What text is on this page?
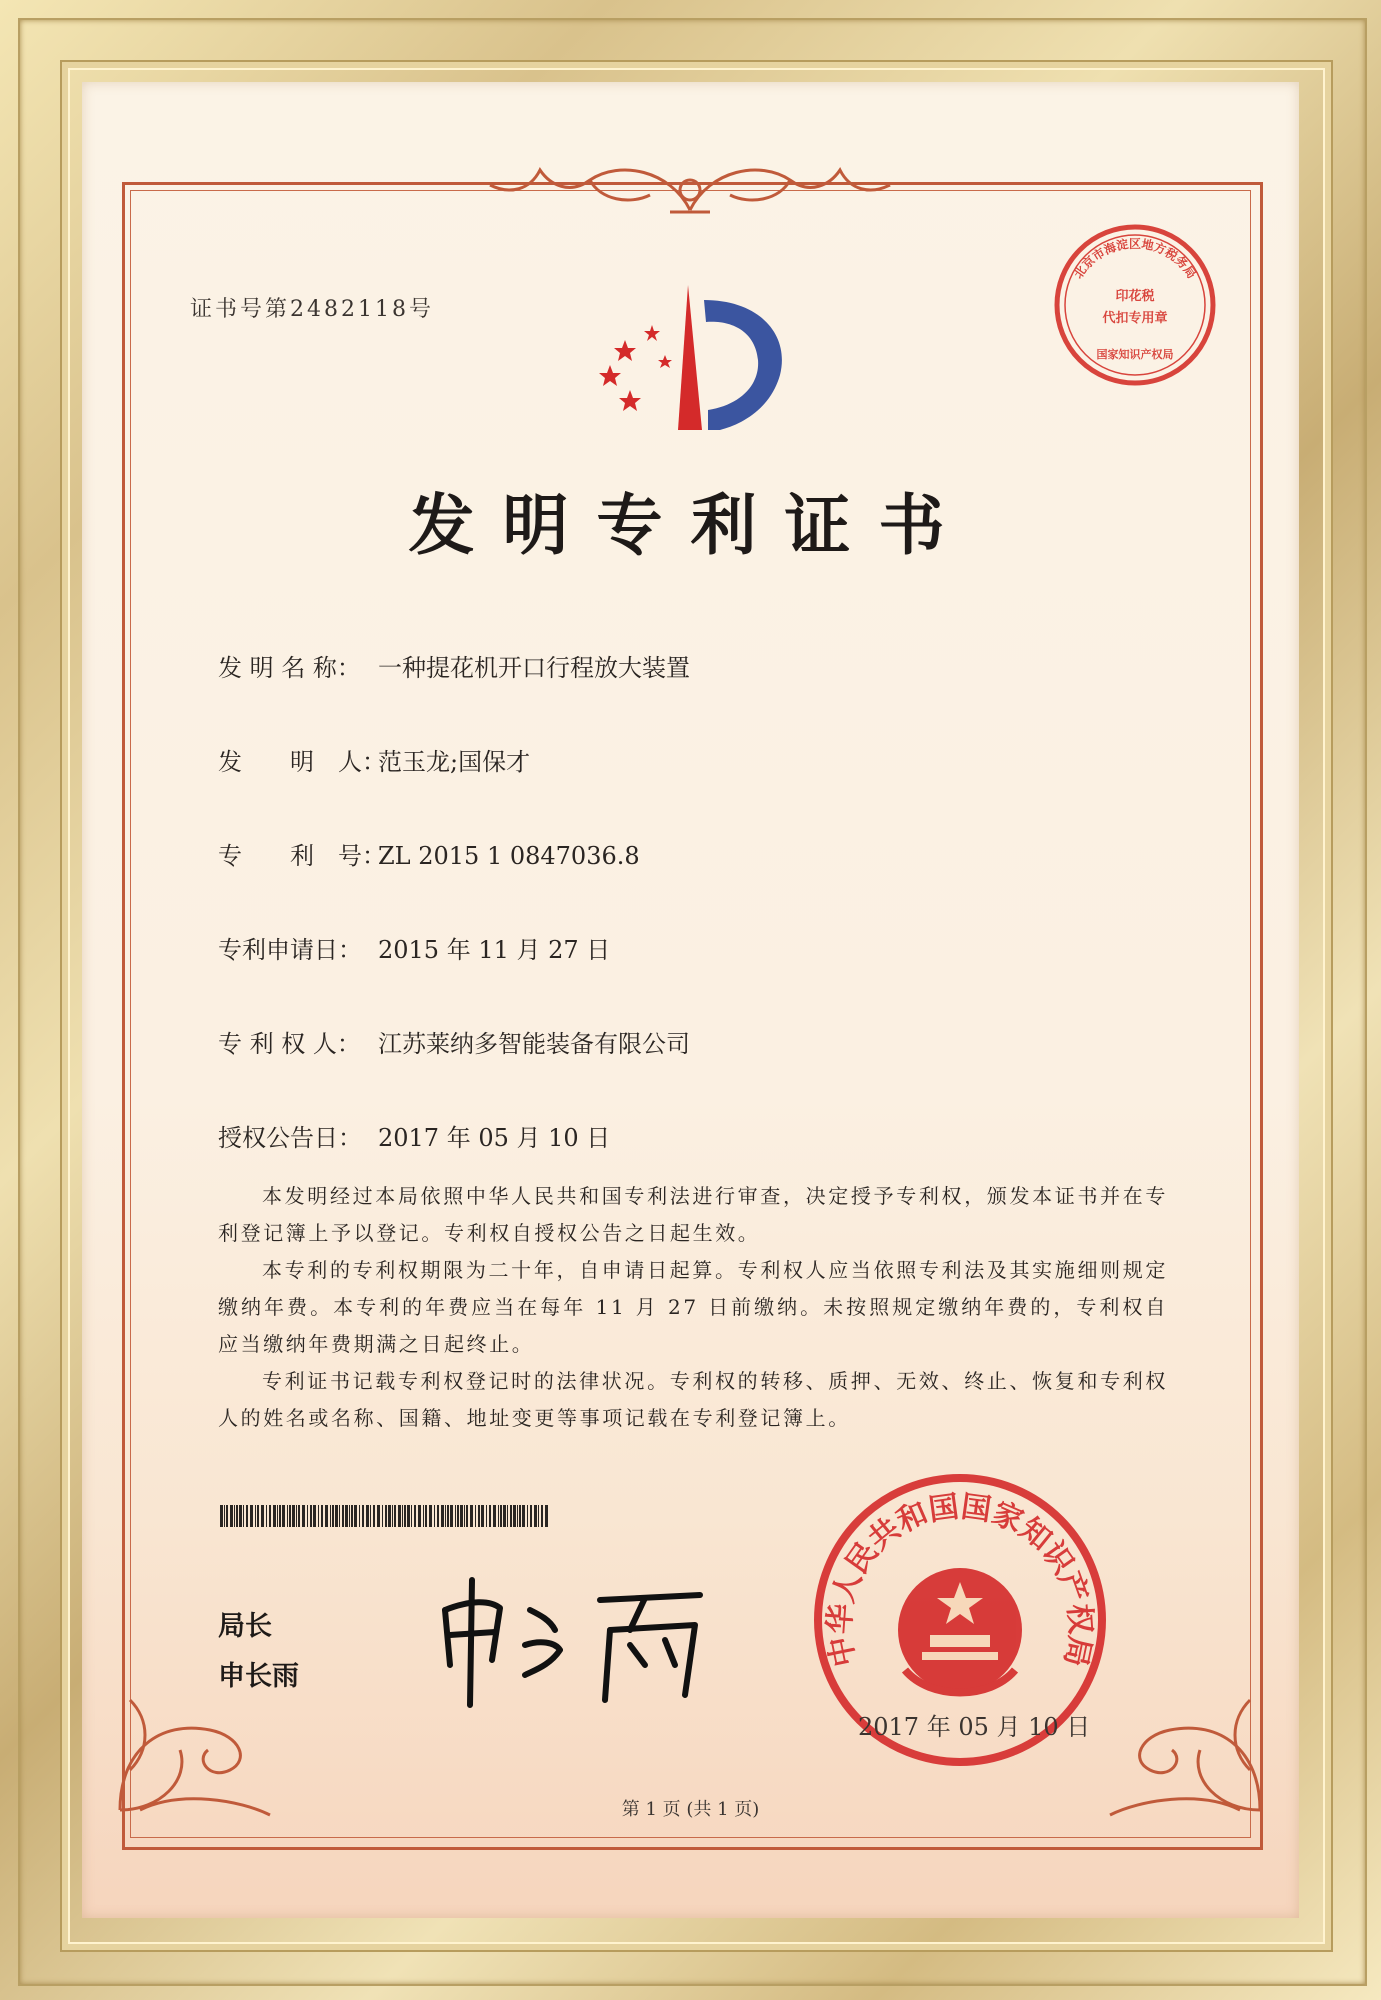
证书号第2482118号
北京市海淀区地方税务局
印花税
代扣专用章
国家知识产权局
发明专利证书
发 明 名 称： 一种提花机开口行程放大装置
发　　明　人：范玉龙;国保才
专　　利　号：ZL 2015 1 0847036.8
专利申请日： 2015 年 11 月 27 日
专 利 权 人： 江苏莱纳多智能装备有限公司
授权公告日： 2017 年 05 月 10 日

本发明经过本局依照中华人民共和国专利法进行审查，决定授予专利权，颁发本证书并在专利登记簿上予以登记。专利权自授权公告之日起生效。

本专利的专利权期限为二十年，自申请日起算。专利权人应当依照专利法及其实施细则规定缴纳年费。本专利的年费应当在每年 11 月 27 日前缴纳。未按照规定缴纳年费的，专利权自应当缴纳年费期满之日起终止。

专利证书记载专利权登记时的法律状况。专利权的转移、质押、无效、终止、恢复和专利权人的姓名或名称、国籍、地址变更等事项记载在专利登记簿上。

局长
申长雨
中华人民共和国国家知识产权局
2017 年 05 月 10 日
第 1 页 (共 1 页)
